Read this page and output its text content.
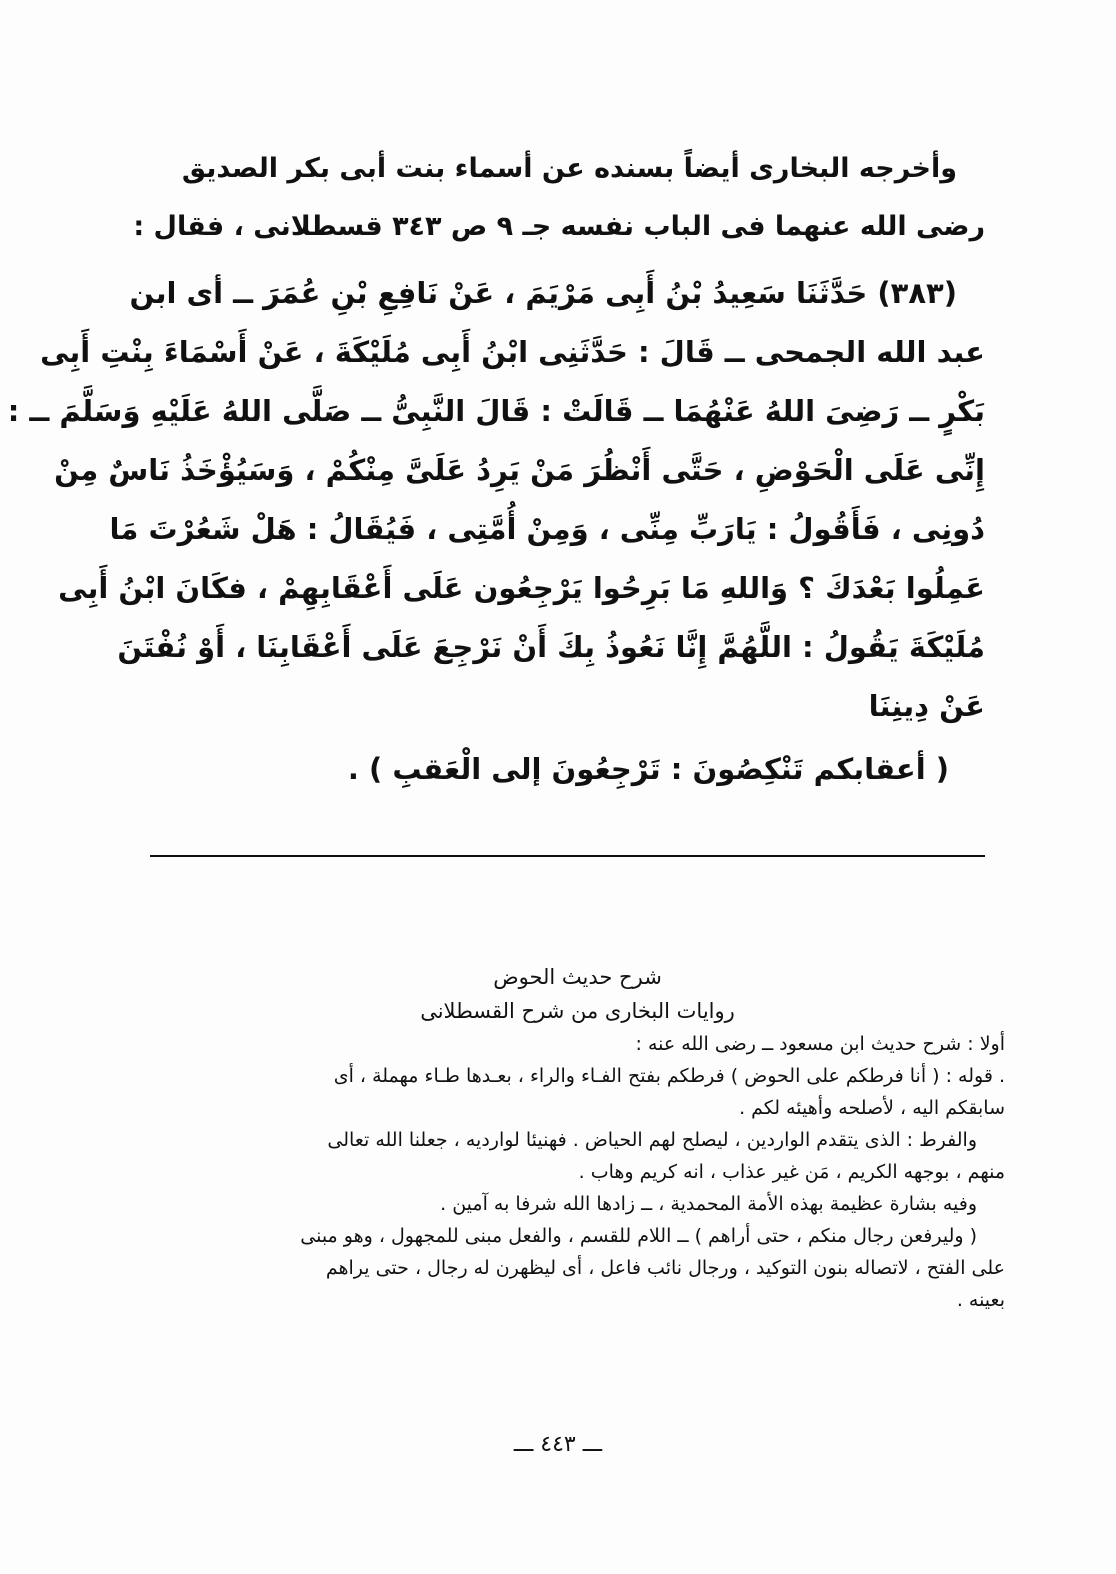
وأخرجه البخارى أيضاً بسنده عن أسماء بنت أبى بكر الصديق
رضى الله عنهما فى الباب نفسه جـ ٩ ص ٣٤٣ قسطلانى ، فقال :
(٣٨٣) حَدَّثَنَا سَعِيدُ بْنُ أَبِى مَرْيَمَ ، عَنْ نَافِعِ بْنِ عُمَرَ ــ أى ابن
عبد الله الجمحى ــ قَالَ : حَدَّثَنِى ابْنُ أَبِى مُلَيْكَةَ ، عَنْ أَسْمَاءَ بِنْتِ أَبِى
بَكْرٍ ــ رَضِىَ اللهُ عَنْهُمَا ــ قَالَتْ : قَالَ النَّبِىُّ ــ صَلَّى اللهُ عَلَيْهِ وَسَلَّمَ ــ :
إِنِّى عَلَى الْحَوْضِ ، حَتَّى أَنْظُرَ مَنْ يَرِدُ عَلَىَّ مِنْكُمْ ، وَسَيُؤْخَذُ نَاسٌ مِنْ
دُونِى ، فَأَقُولُ : يَارَبِّ مِنِّى ، وَمِنْ أُمَّتِى ، فَيُقَالُ : هَلْ شَعُرْتَ مَا
عَمِلُوا بَعْدَكَ ؟ وَاللهِ مَا بَرِحُوا يَرْجِعُون عَلَى أَعْقَابِهِمْ ، فكَانَ ابْنُ أَبِى
مُلَيْكَةَ يَقُولُ : اللَّهُمَّ إِنَّا نَعُوذُ بِكَ أَنْ نَرْجِعَ عَلَى أَعْقَابِنَا ، أَوْ نُفْتَنَ
عَنْ دِينِنَا
( أعقابكم تَنْكِصُونَ : تَرْجِعُونَ إلى الْعَقبِ ) .
شرح حديث الحوض
روايات البخارى من شرح القسطلانى
أولا : شرح حديث ابن مسعود ــ رضى الله عنه :
. قوله : ( أنا فرطكم على الحوض ) فرطكم بفتح الفـاء والراء ، بعـدها طـاء مهملة ، أى
سابقكم اليه ، لأصلحه وأهيئه لكم .
والفرط : الذى يتقدم الواردين ، ليصلح لهم الحياض . فهنيئا لوارديه ، جعلنا الله تعالى
منهم ، بوجهه الكريم ، مَن غير عذاب ، انه كريم وهاب .
وفيه بشارة عظيمة بهذه الأمة المحمدية ، ــ زادها الله شرفا به آمين .
( وليرفعن رجال منكم ، حتى أراهم ) ــ اللام للقسم ، والفعل مبنى للمجهول ، وهو مبنى
على الفتح ، لاتصاله بنون التوكيد ، ورجال نائب فاعل ، أى ليظهرن له رجال ، حتى يراهم
بعينه .
ـــ ٤٤٣ ـــ
